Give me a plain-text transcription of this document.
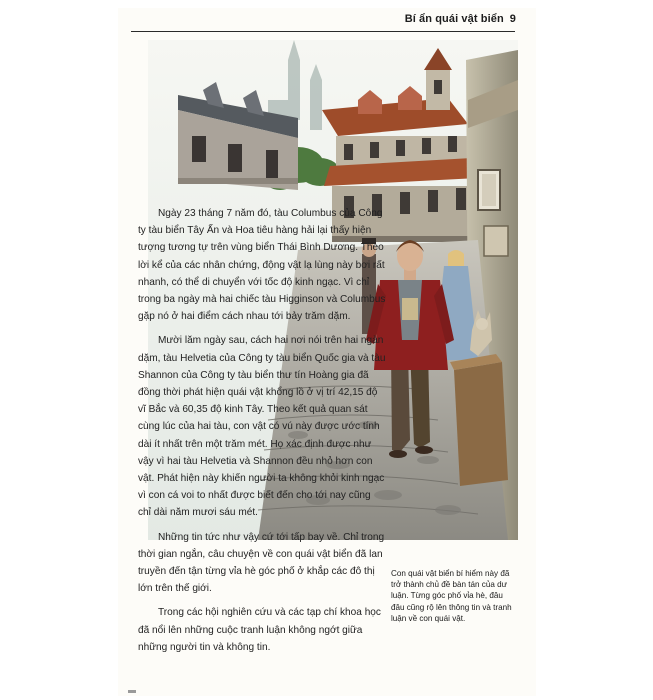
Bí ẩn quái vật biển 9

Ngày 23 tháng 7 năm đó, tàu Columbus của Công ty tàu biển Tây Ấn và Hoa tiêu hàng hải lại thấy hiện tượng tương tự trên vùng biển Thái Bình Dương. Theo lời kể của các nhân chứng, động vật lạ lùng này bơi rất nhanh, có thể di chuyển với tốc độ kinh ngạc. Vì chỉ trong ba ngày mà hai chiếc tàu Higginson và Columbus gặp nó ở hai điểm cách nhau tới bảy trăm dặm.

Mười lăm ngày sau, cách hai nơi nói trên hai ngàn dặm, tàu Helvetia của Công ty tàu biển Quốc gia và tàu Shannon của Công ty tàu biển thư tín Hoàng gia đã đồng thời phát hiện quái vật khổng lồ ở vị trí 42,15 độ vĩ Bắc và 60,35 độ kinh Tây. Theo kết quả quan sát cùng lúc của hai tàu, con vật có vú này được ước tính dài ít nhất trên một trăm mét. Họ xác định được như vậy vì hai tàu Helvetia và Shannon đều nhỏ hơn con vật. Phát hiện này khiến người ta không khỏi kinh ngạc vì con cá voi to nhất được biết đến cho tới nay cũng chỉ dài năm mươi sáu mét.

Những tin tức như vậy cứ tới tấp bay về. Chỉ trong thời gian ngắn, câu chuyện về con quái vật biển đã lan truyền đến tận từng vỉa hè góc phố ở khắp các đô thị lớn trên thế giới.

Trong các hội nghiên cứu và các tạp chí khoa học đã nổi lên những cuộc tranh luận không ngớt giữa những người tin và không tin.

Con quái vật biển bí hiểm này đã trở thành chủ đề bàn tán của dư luận. Từng góc phố vỉa hè, đâu đâu cũng rộ lên thông tin và tranh luận về con quái vật.
